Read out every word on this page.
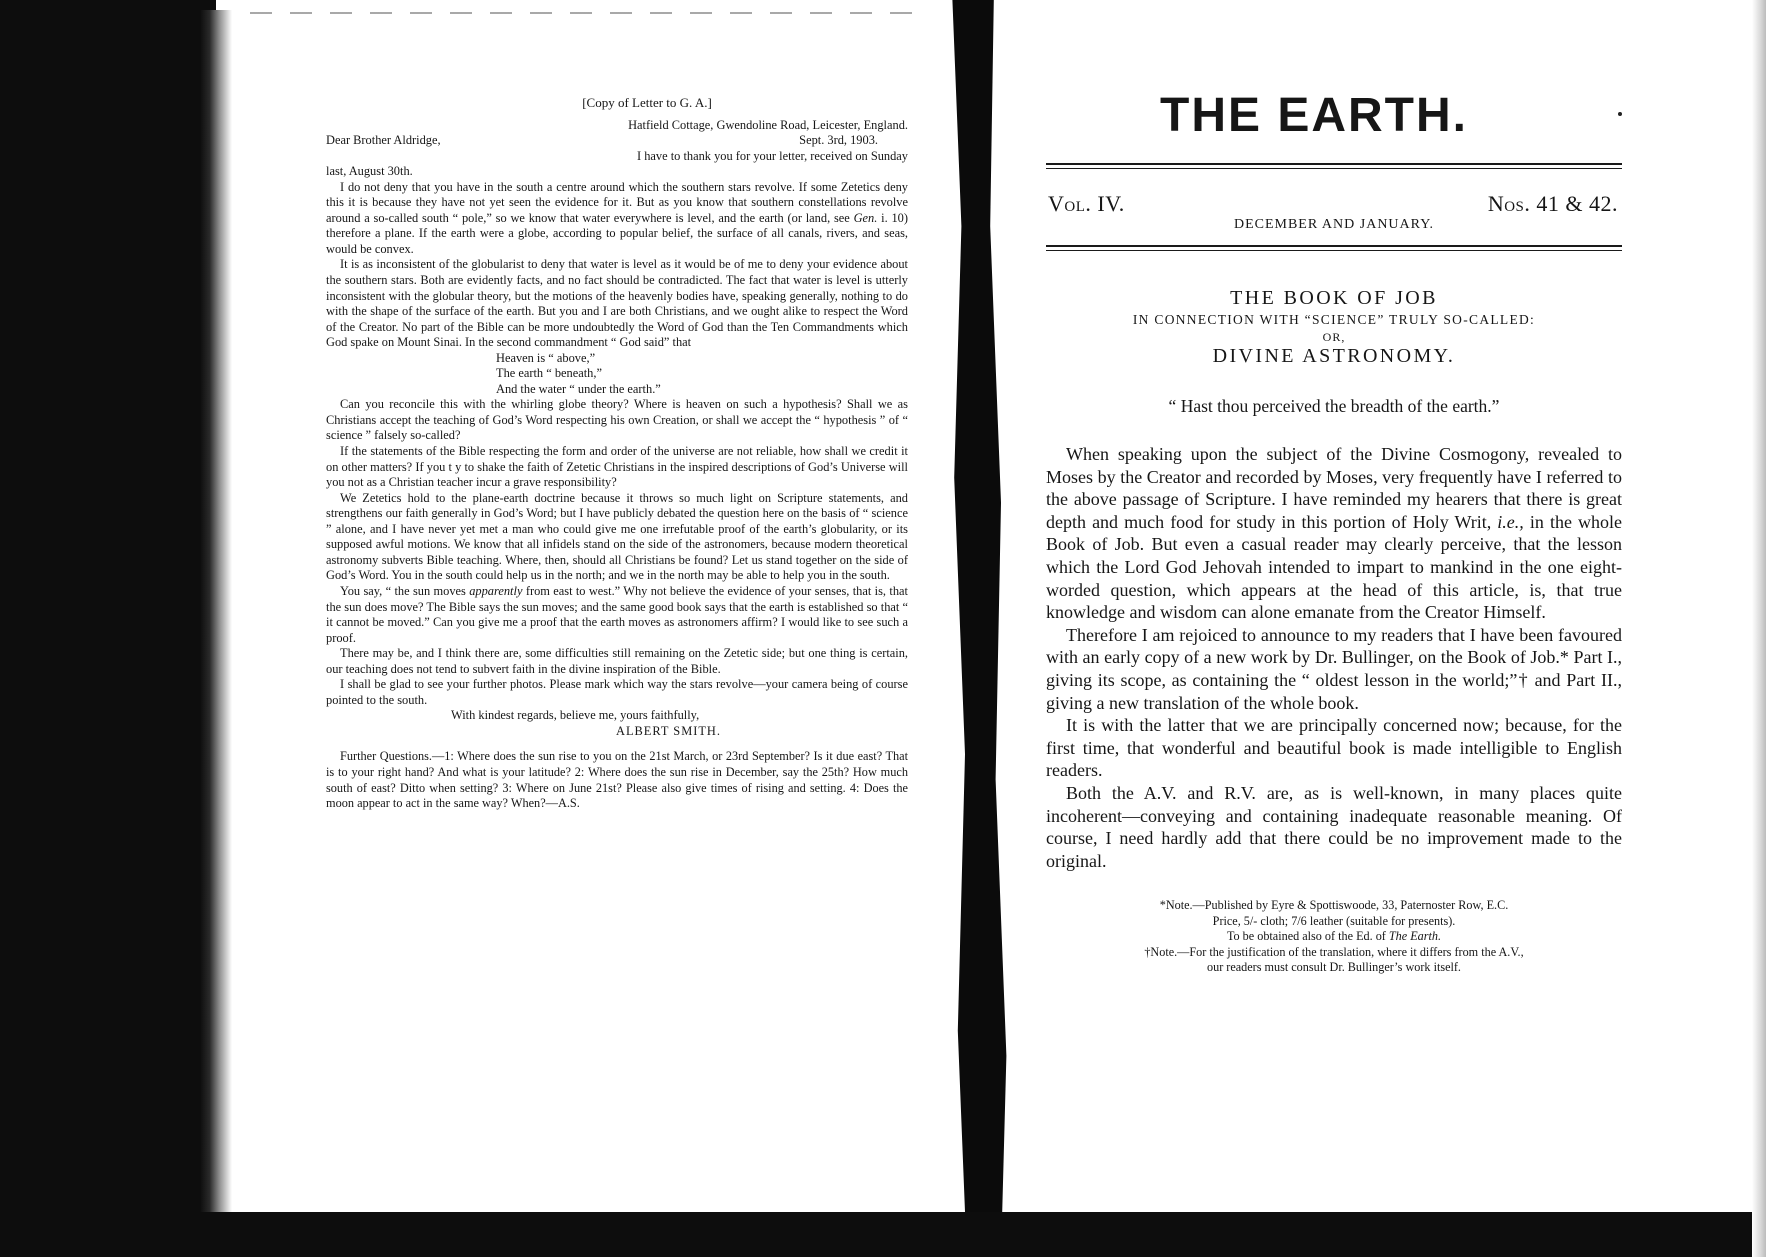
[Copy of Letter to G. A.]
Hatfield Cottage, Gwendoline Road, Leicester, England.
Dear Brother Aldridge,	Sept. 3rd, 1903.

I have to thank you for your letter, received on Sunday

last, August 30th.

I do not deny that you have in the south a centre around which the southern stars revolve. If some Zetetics deny this it is because they have not yet seen the evidence for it. But as you know that southern constellations revolve around a so-called south “ pole,” so we know that water everywhere is level, and the earth (or land, see Gen. i. 10) therefore a plane. If the earth were a globe, according to popular belief, the surface of all canals, rivers, and seas, would be convex.

It is as inconsistent of the globularist to deny that water is level as it would be of me to deny your evidence about the southern stars. Both are evidently facts, and no fact should be contradicted. The fact that water is level is utterly inconsistent with the globular theory, but the motions of the heavenly bodies have, speaking generally, nothing to do with the shape of the surface of the earth. But you and I are both Christians, and we ought alike to respect the Word of the Creator. No part of the Bible can be more undoubtedly the Word of God than the Ten Commandments which God spake on Mount Sinai. In the second commandment “ God said” that

Heaven is “ above,”
The earth “ beneath,”
And the water “ under the earth.”

Can you reconcile this with the whirling globe theory? Where is heaven on such a hypothesis? Shall we as Christians accept the teaching of God’s Word respecting his own Creation, or shall we accept the “ hypothesis ” of “ science ” falsely so-called?

If the statements of the Bible respecting the form and order of the universe are not reliable, how shall we credit it on other matters? If you t y to shake the faith of Zetetic Christians in the inspired descriptions of God’s Universe will you not as a Christian teacher incur a grave responsibility?

We Zetetics hold to the plane-earth doctrine because it throws so much light on Scripture statements, and strengthens our faith generally in God’s Word; but I have publicly debated the question here on the basis of “ science ” alone, and I have never yet met a man who could give me one irrefutable proof of the earth’s globularity, or its supposed awful motions. We know that all infidels stand on the side of the astronomers, because modern theoretical astronomy subverts Bible teaching. Where, then, should all Christians be found? Let us stand together on the side of God’s Word. You in the south could help us in the north; and we in the north may be able to help you in the south.

You say, “ the sun moves apparently from east to west.” Why not believe the evidence of your senses, that is, that the sun does move? The Bible says the sun moves; and the same good book says that the earth is established so that “ it cannot be moved.” Can you give me a proof that the earth moves as astronomers affirm? I would like to see such a proof.

There may be, and I think there are, some difficulties still remaining on the Zetetic side; but one thing is certain, our teaching does not tend to subvert faith in the divine inspiration of the Bible.

I shall be glad to see your further photos. Please mark which way the stars revolve—your camera being of course pointed to the south.

With kindest regards, believe me, yours faithfully,
ALBERT SMITH.

Further Questions.—1: Where does the sun rise to you on the 21st March, or 23rd September? Is it due east? That is to your right hand? And what is your latitude? 2: Where does the sun rise in December, say the 25th? How much south of east? Ditto when setting? 3: Where on June 21st? Please also give times of rising and setting. 4: Does the moon appear to act in the same way? When?—A.S.

THE EARTH.
Vol. IV.	Nos. 41 & 42.
DECEMBER AND JANUARY.
THE BOOK OF JOB
IN CONNECTION WITH “SCIENCE” TRULY SO-CALLED:
OR,
DIVINE ASTRONOMY.
“ Hast thou perceived the breadth of the earth.”

When speaking upon the subject of the Divine Cosmogony, revealed to Moses by the Creator and recorded by Moses, very frequently have I referred to the above passage of Scripture. I have reminded my hearers that there is great depth and much food for study in this portion of Holy Writ, i.e., in the whole Book of Job. But even a casual reader may clearly perceive, that the lesson which the Lord God Jehovah intended to impart to mankind in the one eight-worded question, which appears at the head of this article, is, that true knowledge and wisdom can alone emanate from the Creator Himself.

Therefore I am rejoiced to announce to my readers that I have been favoured with an early copy of a new work by Dr. Bullinger, on the Book of Job.* Part I., giving its scope, as containing the “ oldest lesson in the world;”† and Part II., giving a new translation of the whole book.

It is with the latter that we are principally concerned now; because, for the first time, that wonderful and beautiful book is made intelligible to English readers.

Both the A.V. and R.V. are, as is well-known, in many places quite incoherent—conveying and containing inadequate reasonable meaning. Of course, I need hardly add that there could be no improvement made to the original.

*Note.—Published by Eyre & Spottiswoode, 33, Paternoster Row, E.C.

Price, 5/- cloth; 7/6 leather (suitable for presents).

To be obtained also of the Ed. of The Earth.

†Note.—For the justification of the translation, where it differs from the A.V.,

our readers must consult Dr. Bullinger’s work itself.
